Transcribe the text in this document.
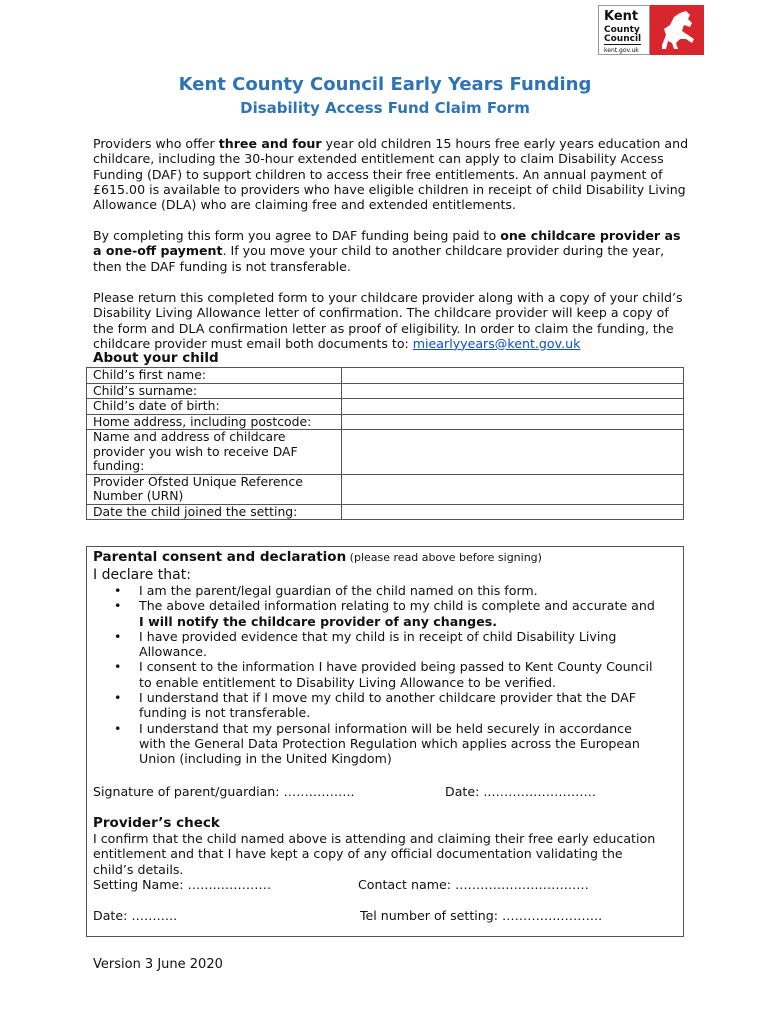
Kent
County
Council
kent.gov.uk
Kent County Council Early Years Funding
Disability Access Fund Claim Form
Providers who offer three and four year old children 15 hours free early years education and childcare, including the 30-hour extended entitlement can apply to claim Disability Access Funding (DAF) to support children to access their free entitlements. An annual payment of £615.00 is available to providers who have eligible children in receipt of child Disability Living Allowance (DLA) who are claiming free and extended entitlements.
By completing this form you agree to DAF funding being paid to one childcare provider as a one-off payment. If you move your child to another childcare provider during the year, then the DAF funding is not transferable.
Please return this completed form to your childcare provider along with a copy of your child’s Disability Living Allowance letter of confirmation. The childcare provider will keep a copy of the form and DLA confirmation letter as proof of eligibility. In order to claim the funding, the childcare provider must email both documents to: miearlyyears@kent.gov.uk
About your child
Child’s first name:	
Child’s surname:	
Child’s date of birth:	
Home address, including postcode:	
Name and address of childcare provider you wish to receive DAF funding:	
Provider Ofsted Unique Reference Number (URN)	
Date the child joined the setting:	
Parental consent and declaration (please read above before signing)
I declare that:
• I am the parent/legal guardian of the child named on this form.
• The above detailed information relating to my child is complete and accurate and I will notify the childcare provider of any changes.
• I have provided evidence that my child is in receipt of child Disability Living Allowance.
• I consent to the information I have provided being passed to Kent County Council to enable entitlement to Disability Living Allowance to be verified.
• I understand that if I move my child to another childcare provider that the DAF funding is not transferable.
• I understand that my personal information will be held securely in accordance with the General Data Protection Regulation which applies across the European Union (including in the United Kingdom)
Signature of parent/guardian: ……………..	Date: ..……….……………
Provider’s check
I confirm that the child named above is attending and claiming their free early education entitlement and that I have kept a copy of any official documentation validating the child’s details.
Setting Name: ……..…………	Contact name: ………….…….…………
Date: ………..	Tel number of setting: …………..……….
Version 3 June 2020
